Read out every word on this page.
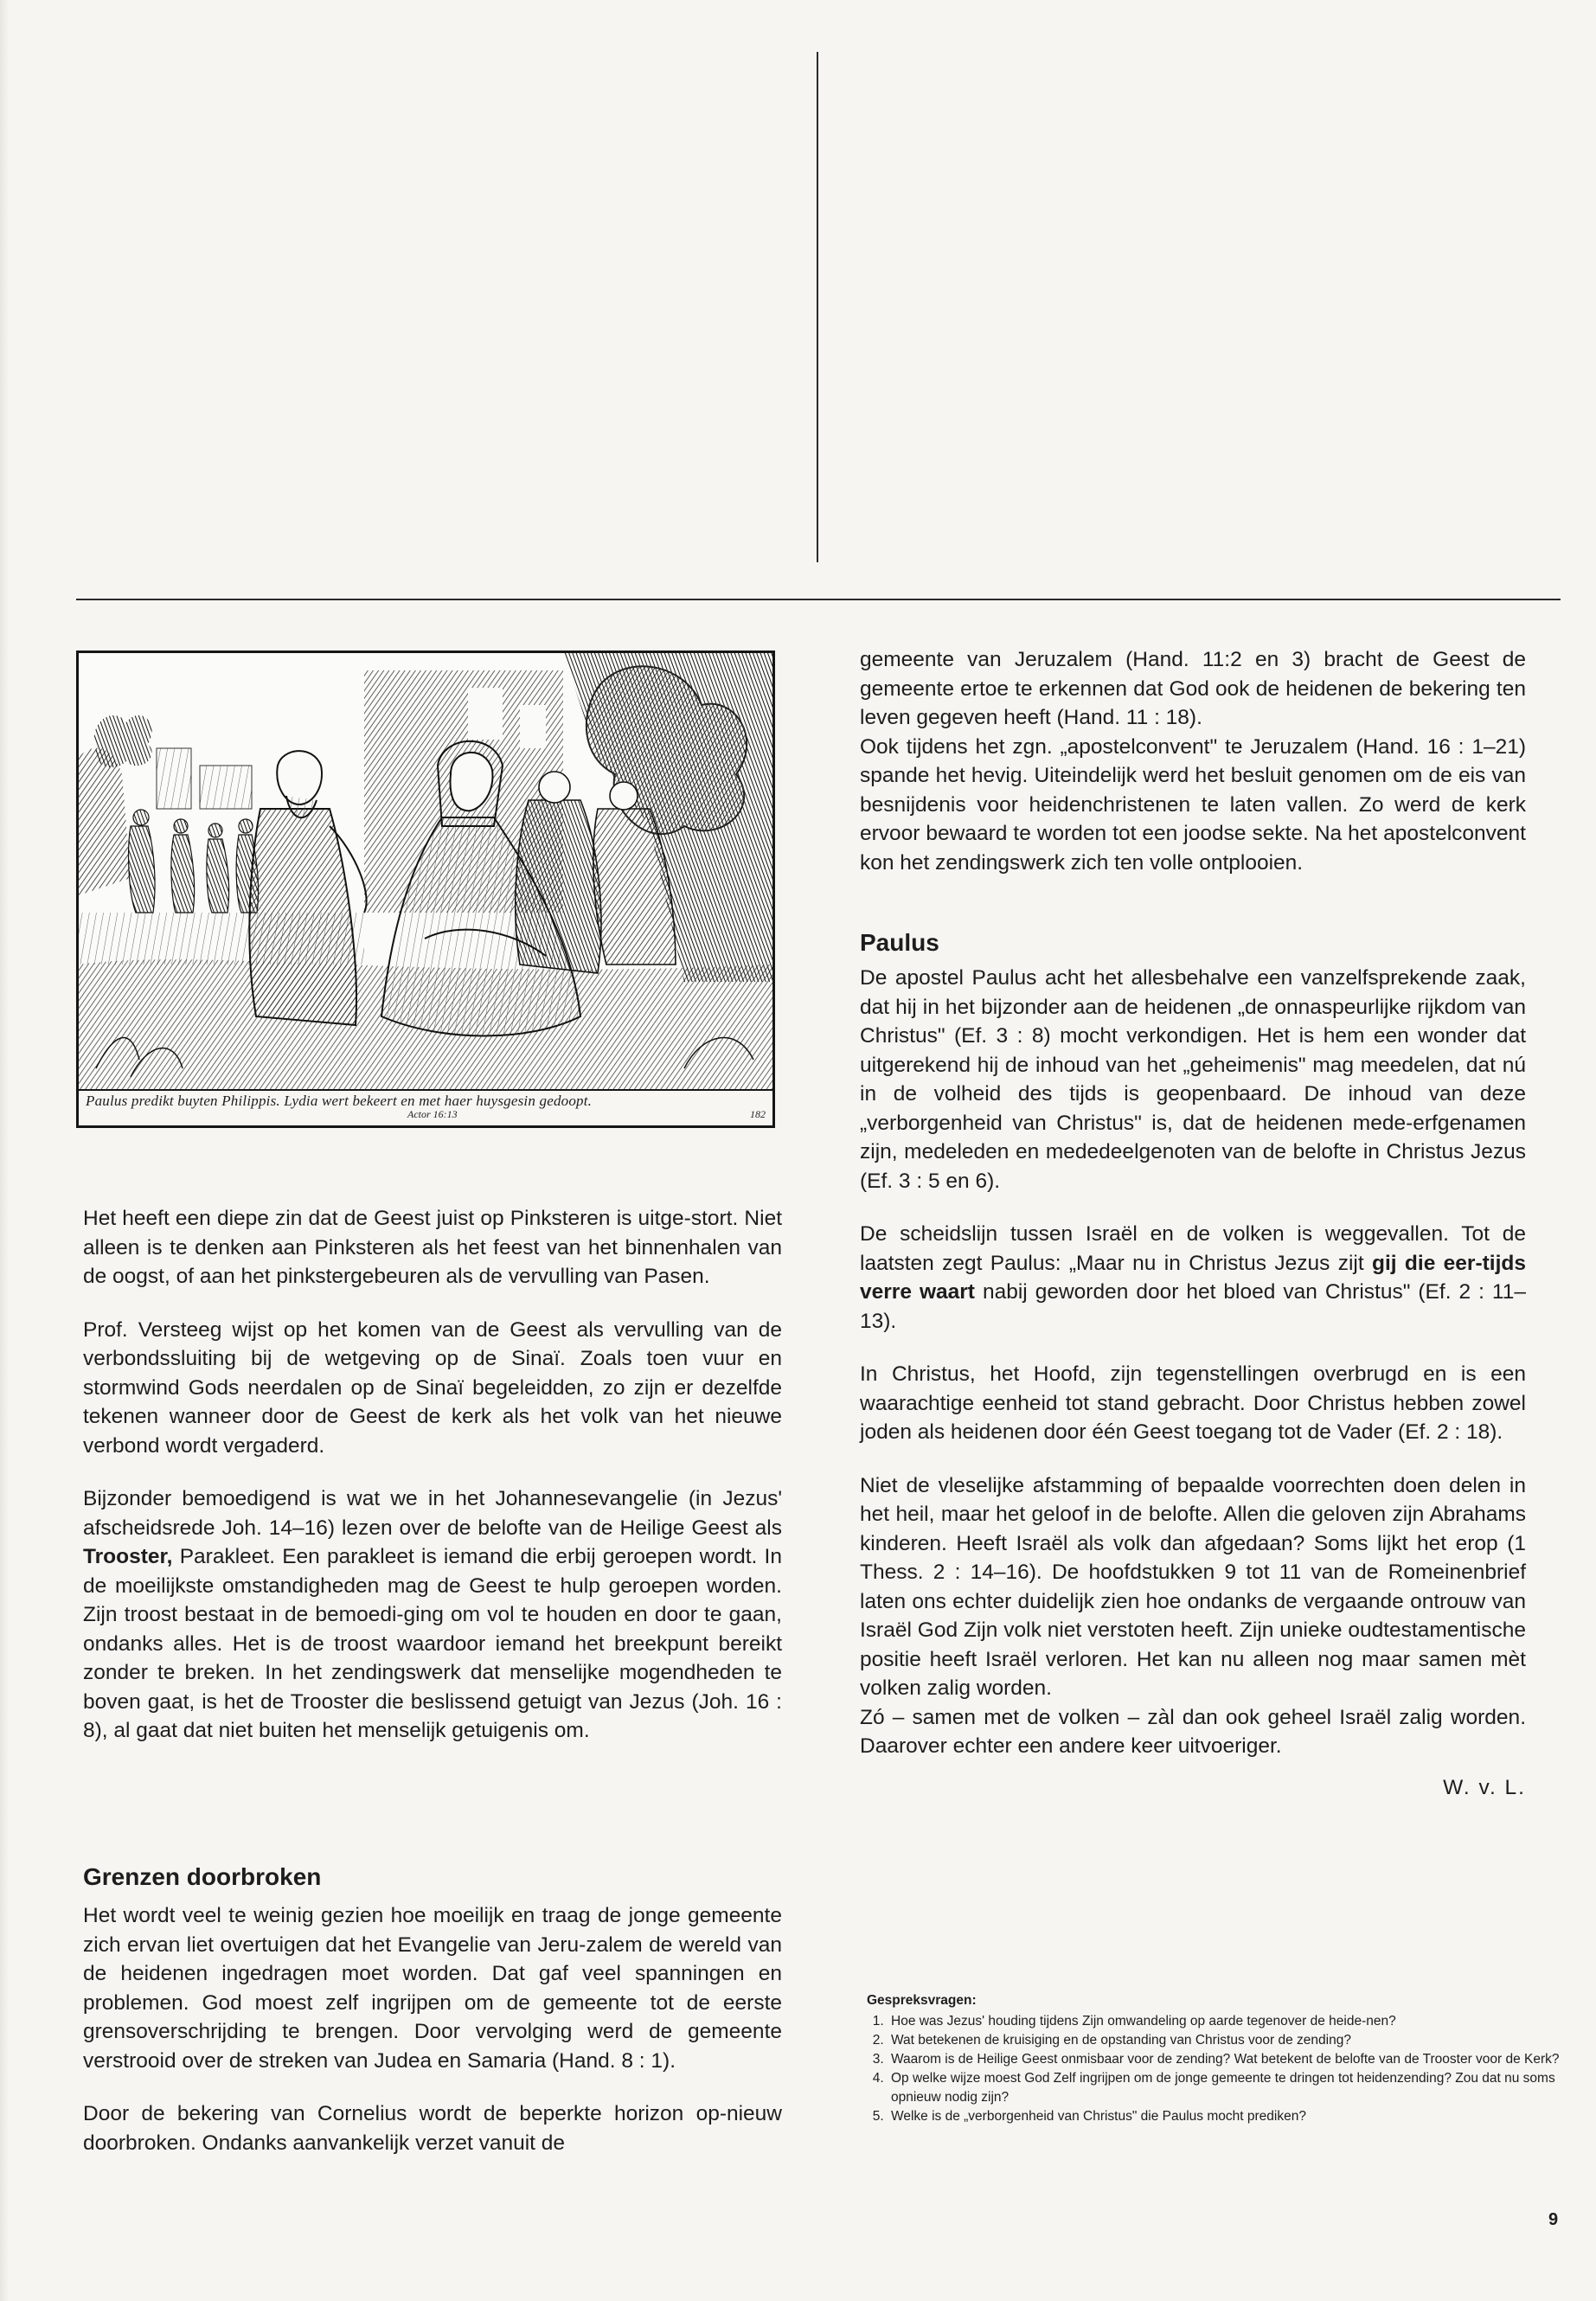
Paulus predikt buyten Philippis. Lydia wert bekeert en met haer huysgesin gedoopt.
Actor 16:13	182

Het heeft een diepe zin dat de Geest juist op Pinksteren is uitge-stort. Niet alleen is te denken aan Pinksteren als het feest van het binnenhalen van de oogst, of aan het pinkstergebeuren als de vervulling van Pasen.

Prof. Versteeg wijst op het komen van de Geest als vervulling van de verbondssluiting bij de wetgeving op de Sinaï. Zoals toen vuur en stormwind Gods neerdalen op de Sinaï begeleidden, zo zijn er dezelfde tekenen wanneer door de Geest de kerk als het volk van het nieuwe verbond wordt vergaderd.

Bijzonder bemoedigend is wat we in het Johannesevangelie (in Jezus' afscheidsrede Joh. 14–16) lezen over de belofte van de Heilige Geest als Trooster, Parakleet. Een parakleet is iemand die erbij geroepen wordt. In de moeilijkste omstandigheden mag de Geest te hulp geroepen worden. Zijn troost bestaat in de bemoedi-ging om vol te houden en door te gaan, ondanks alles. Het is de troost waardoor iemand het breekpunt bereikt zonder te breken. In het zendingswerk dat menselijke mogendheden te boven gaat, is het de Trooster die beslissend getuigt van Jezus (Joh. 16 : 8), al gaat dat niet buiten het menselijk getuigenis om.

Grenzen doorbroken

Het wordt veel te weinig gezien hoe moeilijk en traag de jonge gemeente zich ervan liet overtuigen dat het Evangelie van Jeru-zalem de wereld van de heidenen ingedragen moet worden. Dat gaf veel spanningen en problemen. God moest zelf ingrijpen om de gemeente tot de eerste grensoverschrijding te brengen. Door vervolging werd de gemeente verstrooid over de streken van Judea en Samaria (Hand. 8 : 1).

Door de bekering van Cornelius wordt de beperkte horizon op-nieuw doorbroken. Ondanks aanvankelijk verzet vanuit de

gemeente van Jeruzalem (Hand. 11:2 en 3) bracht de Geest de gemeente ertoe te erkennen dat God ook de heidenen de bekering ten leven gegeven heeft (Hand. 11 : 18).

Ook tijdens het zgn. „apostelconvent" te Jeruzalem (Hand. 16 : 1–21) spande het hevig. Uiteindelijk werd het besluit genomen om de eis van besnijdenis voor heidenchristenen te laten vallen. Zo werd de kerk ervoor bewaard te worden tot een joodse sekte. Na het apostelconvent kon het zendingswerk zich ten volle ontplooien.

Paulus

De apostel Paulus acht het allesbehalve een vanzelfsprekende zaak, dat hij in het bijzonder aan de heidenen „de onnaspeurlijke rijkdom van Christus" (Ef. 3 : 8) mocht verkondigen. Het is hem een wonder dat uitgerekend hij de inhoud van het „geheimenis" mag meedelen, dat nú in de volheid des tijds is geopenbaard. De inhoud van deze „verborgenheid van Christus" is, dat de heidenen mede-erfgenamen zijn, medeleden en mededeelgenoten van de belofte in Christus Jezus (Ef. 3 : 5 en 6).

De scheidslijn tussen Israël en de volken is weggevallen. Tot de laatsten zegt Paulus: „Maar nu in Christus Jezus zijt gij die eer-tijds verre waart nabij geworden door het bloed van Christus" (Ef. 2 : 11–13).

In Christus, het Hoofd, zijn tegenstellingen overbrugd en is een waarachtige eenheid tot stand gebracht. Door Christus hebben zowel joden als heidenen door één Geest toegang tot de Vader (Ef. 2 : 18).

Niet de vleselijke afstamming of bepaalde voorrechten doen delen in het heil, maar het geloof in de belofte. Allen die geloven zijn Abrahams kinderen. Heeft Israël als volk dan afgedaan? Soms lijkt het erop (1 Thess. 2 : 14–16). De hoofdstukken 9 tot 11 van de Romeinenbrief laten ons echter duidelijk zien hoe ondanks de vergaande ontrouw van Israël God Zijn volk niet verstoten heeft. Zijn unieke oudtestamentische positie heeft Israël verloren. Het kan nu alleen nog maar samen mèt volken zalig worden.

Zó – samen met de volken – zàl dan ook geheel Israël zalig worden. Daarover echter een andere keer uitvoeriger.

W. v. L.
Gespreksvragen:
1. Hoe was Jezus' houding tijdens Zijn omwandeling op aarde tegenover de heide-nen?
2. Wat betekenen de kruisiging en de opstanding van Christus voor de zending?
3. Waarom is de Heilige Geest onmisbaar voor de zending? Wat betekent de belofte van de Trooster voor de Kerk?
4. Op welke wijze moest God Zelf ingrijpen om de jonge gemeente te dringen tot heidenzending? Zou dat nu soms opnieuw nodig zijn?
5. Welke is de „verborgenheid van Christus" die Paulus mocht prediken?
9
